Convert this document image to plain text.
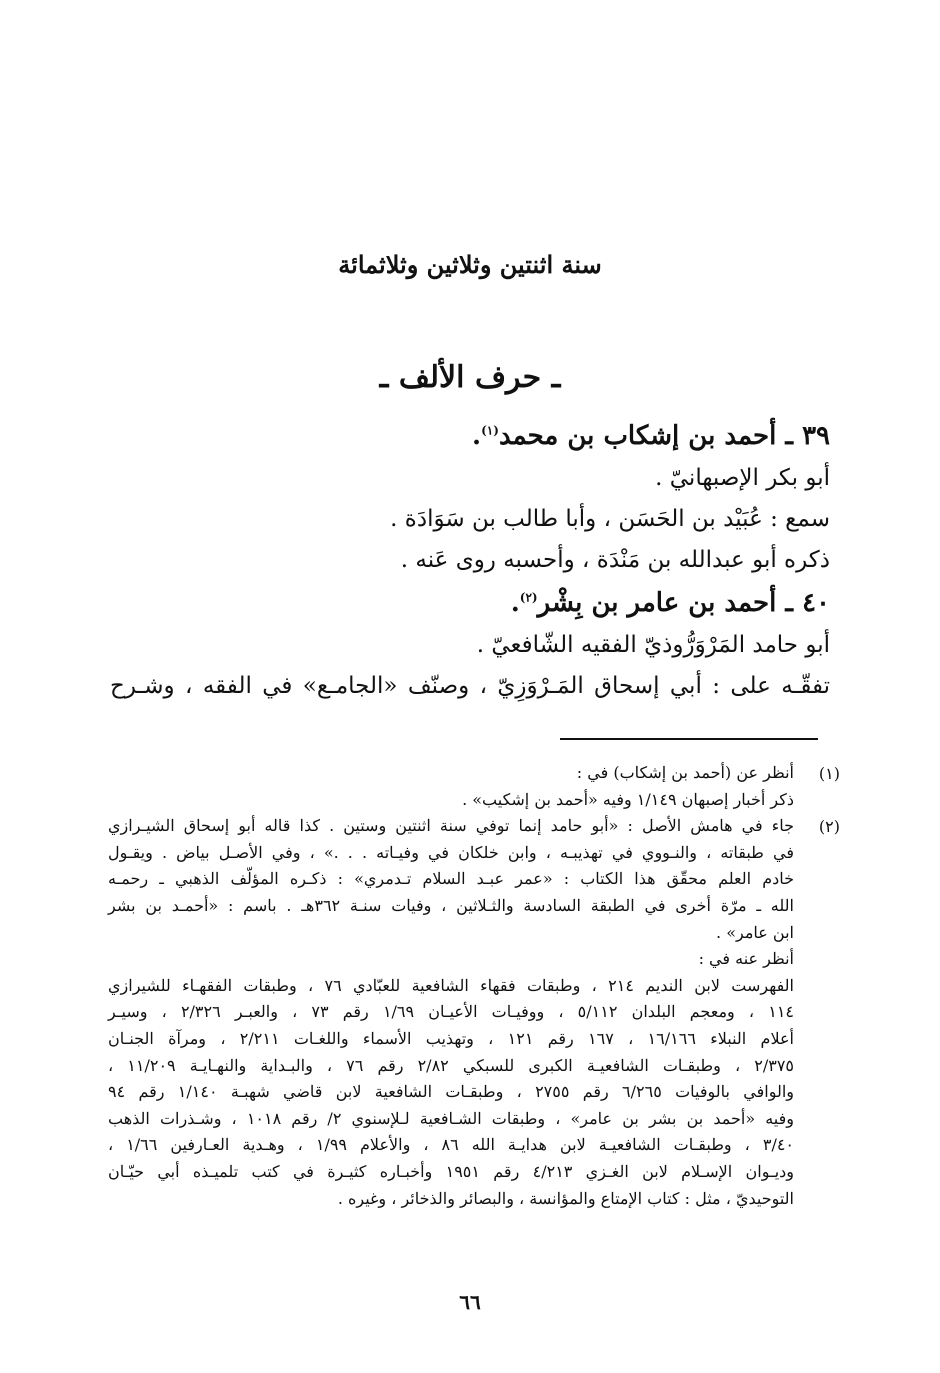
سنة اثنتين وثلاثين وثلاثمائة
ـ حرف الألف ـ

٣٩ ـ أحمد بن إشكاب بن محمد$^{(١)}$.

أبو بكر الإصبهانيّ .

سمع : عُبَيْد بن الحَسَن ، وأبا طالب بن سَوَادَة .

ذكره أبو عبدالله بن مَنْدَة ، وأحسبه روى عَنه .

٤٠ ـ أحمد بن عامر بن بِشْر$^{(٢)}$.

أبو حامد المَرْوَرُّوذيّ الفقيه الشّافعيّ .

تفقّـه على : أبي إسحاق المَـرْوَزِيّ ، وصنّف «الجامـع» في الفقه ، وشـرح

(١)

أنظر عن (أحمد بن إشكاب) في :

ذكر أخبار إصبهان ١/١٤٩ وفيه «أحمد بن إشكيب» .

(٢)

جاء في هامش الأصل : «أبو حامد إنما توفي سنة اثنتين وستين . كذا قاله أبو إسحاق الشيـرازي

في طبقاته ، والنـووي في تهذيبـه ، وابن خلكان في وفيـاته . . .» ، وفي الأصـل بياض . ويقـول

خادم العلم محقّق هذا الكتاب : «عمر عبـد السلام تـدمري» : ذكـره المؤلّف الذهبي ـ رحمـه

الله ـ مرّة أخرى في الطبقة السادسة والثـلاثين ، وفيات سنـة ٣٦٢هـ . باسم : «أحمـد بن بشر

ابن عامر» .

أنظر عنه في :

الفهرست لابن النديم ٢١٤ ، وطبقات فقهاء الشافعية للعبّادي ٧٦ ، وطبقات الفقهـاء للشيرازي

١١٤ ، ومعجم البلدان ٥/١١٢ ، ووفيـات الأعيـان ١/٦٩ رقم ٧٣ ، والعبـر ٢/٣٢٦ ، وسيـر

أعلام النبلاء ١٦/١٦٦ ، ١٦٧ رقم ١٢١ ، وتهذيب الأسماء واللغـات ٢/٢١١ ، ومرآة الجنـان

٢/٣٧٥ ، وطبقـات الشافعيـة الكبرى للسبكي ٢/٨٢ رقم ٧٦ ، والبـداية والنهـايـة ١١/٢٠٩ ،

والوافي بالوفيات ٦/٢٦٥ رقم ٢٧٥٥ ، وطبقـات الشافعية لابن قاضي شهبـة ١/١٤٠ رقم ٩٤

وفيه «أحمد بن بشر بن عامر» ، وطبقات الشـافعية لـلإسنوي ٢/ رقم ١٠١٨ ، وشـذرات الذهب

٣/٤٠ ، وطبقـات الشافعيـة لابن هدايـة الله ٨٦ ، والأعلام ١/٩٩ ، وهـدية العـارفين ١/٦٦ ،

وديـوان الإسـلام لابن الغـزي ٤/٢١٣ رقم ١٩٥١ وأخبـاره كثيـرة في كتب تلميـذه أبي حيّـان

التوحيديّ ، مثل : كتاب الإمتاع والمؤانسة ، والبصائر والذخائر ، وغيره .

٦٦
